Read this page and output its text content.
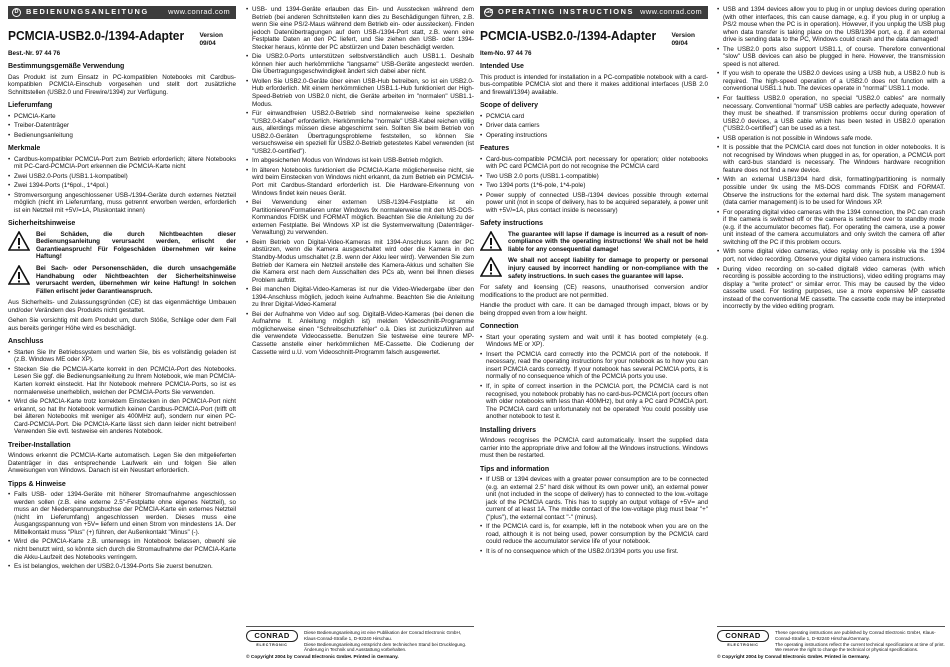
D	BEDIENUNGSANLEITUNG	www.conrad.com
PCMCIA-USB2.0-/1394-Adapter Version 09/04
Best.-Nr. 97 44 76
Bestimmungsgemäße Verwendung

Das Produkt ist zum Einsatz in PC-kompatiblen Notebooks mit Cardbus-kompatiblen PCMCIA-Einschub vorgesehen und stellt dort zusätzliche Schnittstellen (USB2.0 und Firewire/1394) zur Verfügung.

Lieferumfang
• PCMCIA-Karte
• Treiber-Datenträger
• Bedienungsanleitung
Merkmale
• Cardbus-kompatibler PCMCIA-Port zum Betrieb erforderlich; ältere Notebooks mit PC-Card-PCMCIA-Port erkennen die PCMCIA-Karte nicht
• Zwei USB2.0-Ports (USB1.1-kompatibel)
• Zwei 1394-Ports (1*6pol., 1*4pol.)
• Stromversorgung angeschlossener USB-/1394-Geräte durch externes Netzteil möglich (nicht im Lieferumfang, muss getrennt erworben werden, erforderlich ist ein Netzteil mit +5V/=1A, Pluskontakt innen)
Sicherheitshinweise
Bei Schäden, die durch Nichtbeachten dieser Bedienungsanleitung verursacht werden, erlischt der Garantieanspruch! Für Folgeschäden übernehmen wir keine Haftung!
Bei Sach- oder Personenschäden, die durch unsachgemäße Handhabung oder Nichtbeachten der Sicherheitshinweise verursacht werden, übernehmen wir keine Haftung! In solchen Fällen erlischt jeder Garantieanspruch.

Aus Sicherheits- und Zulassungsgründen (CE) ist das eigenmächtige Umbauen und/oder Verändern des Produkts nicht gestattet.

Gehen Sie vorsichtig mit dem Produkt um, durch Stöße, Schläge oder dem Fall aus bereits geringer Höhe wird es beschädigt.

Anschluss
• Starten Sie Ihr Betriebssystem und warten Sie, bis es vollständig geladen ist (z.B. Windows ME oder XP).
• Stecken Sie die PCMCIA-Karte korrekt in den PCMCIA-Port des Notebooks. Lesen Sie ggf. die Bedienungsanleitung zu Ihrem Notebook, wie man PCMCIA-Karten korrekt einsteckt. Hat Ihr Notebook mehrere PCMCIA-Ports, so ist es normalerweise unerheblich, welchen der PCMCIA-Ports Sie verwenden.
• Wird die PCMCIA-Karte trotz korrektem Einstecken in den PCMCIA-Port nicht erkannt, so hat Ihr Notebook vermutlich keinen Cardbus-PCMCIA-Port (trifft oft bei älteren Notebooks mit weniger als 400MHz auf), sondern nur einen PC-Card-PCMCIA-Port. Die PCMCIA-Karte lässt sich dann leider nicht betreiben! Verwenden Sie evtl. testweise ein anderes Notebook.
Treiber-Installation

Windows erkennt die PCMCIA-Karte automatisch. Legen Sie den mitgelieferten Datenträger in das entsprechende Laufwerk ein und folgen Sie allen Anweisungen von Windows. Danach ist ein Neustart erforderlich.

Tipps & Hinweise
• Falls USB- oder 1394-Geräte mit höherer Stromaufnahme angeschlossen werden sollen (z.B. eine externe 2.5"-Festplatte ohne eigenes Netzteil), so muss an der Niederspannungsbuchse der PCMCIA-Karte ein externes Netzteil (nicht im Lieferumfang) angeschlossen werden. Dieses muss eine Ausgangsspannung von +5V= liefern und einen Strom von mindestens 1A. Der Mittelkontakt muss "Plus" (+) führen, der Außenkontakt "Minus" (-).
• Wird die PCMCIA-Karte z.B. unterwegs im Notebook belassen, obwohl sie nicht benutzt wird, so könnte sich durch die Stromaufnahme der PCMCIA-Karte die Akku-Laufzeit des Notebooks verringern.
• Es ist belanglos, welchen der USB2.0-/1394-Ports Sie zuerst benutzen.
• USB- und 1394-Geräte erlauben das Ein- und Ausstecken während dem Betrieb (bei anderen Schnittstellen kann dies zu Beschädigungen führen, z.B. wenn Sie eine PS/2-Maus während dem Betrieb ein- oder ausstecken). Finden jedoch Datenübertragungen auf dem USB-/1394-Port statt, z.B. wenn eine Festplatte Daten an den PC liefert, und Sie ziehen den USB- oder 1394-Stecker heraus, könnte der PC abstürzen und Daten beschädigt werden.
• Die USB2.0-Ports unterstützen selbstverständlich auch USB1.1. Deshalb können hier auch herkömmliche "langsame" USB-Geräte angesteckt werden. Die Übertragungsgeschwindigkeit ändert sich dabei aber nicht.
• Wollen Sie USB2.0-Geräte über einen USB-Hub betreiben, so ist ein USB2.0-Hub erforderlich. Mit einem herkömmlichen USB1.1-Hub funktioniert der High-Speed-Betrieb von USB2.0 nicht, die Geräte arbeiten im "normalen" USB1.1-Modus.
• Für einwandfreien USB2.0-Betrieb sind normalerweise keine speziellen "USB2.0-Kabel" erforderlich. Herkömmliche "normale" USB-Kabel reichen völlig aus, allerdings müssen diese abgeschirmt sein. Sollten Sie beim Betrieb von USB2.0-Geräten Übertragungsprobleme feststellen, so können Sie versuchsweise ein speziell für USB2.0-Betrieb getestetes Kabel verwenden (ist "USB2.0-certified").
• Im abgesicherten Modus von Windows ist kein USB-Betrieb möglich.
• In älteren Notebooks funktioniert die PCMCIA-Karte möglicherweise nicht, sie wird beim Einstecken von Windows nicht erkannt, da zum Betrieb ein PCMCIA-Port mit Cardbus-Standard erforderlich ist. Die Hardware-Erkennung von Windows findet kein neues Gerät.
• Bei Verwendung einer externen USB-/1394-Festplatte ist ein Partitionieren/Formatieren unter Windows 9x normalerweise mit den MS-DOS-Kommandos FDISK und FORMAT möglich. Beachten Sie die Anleitung zu der externen Festplatte. Bei Windows XP ist die Systemverwaltung (Datenträger-Verwaltung) zu verwenden.
• Beim Betrieb von Digital-Video-Kameras mit 1394-Anschluss kann der PC abstürzen, wenn die Kamera ausgeschaltet wird oder die Kamera in den Standby-Modus umschaltet (z.B. wenn der Akku leer wird). Verwenden Sie zum Betrieb der Kamera ein Netzteil anstelle des Kamera-Akkus und schalten Sie die Kamera erst nach dem Ausschalten des PCs ab, wenn bei Ihnen dieses Problem auftritt.
• Bei manchen Digital-Video-Kameras ist nur die Video-Wiedergabe über den 1394-Anschluss möglich, jedoch keine Aufnahme. Beachten Sie die Anleitung zu Ihrer Digital-Video-Kamera!
• Bei der Aufnahme von Video auf sog. DigitalB-Video-Kameras (bei denen die Aufnahme lt. Anleitung möglich ist) melden Videoschnitt-Programme möglicherweise einen "Schreibschutzfehler" o.ä. Dies ist zurückzuführen auf die verwendete Videocassette. Benutzen Sie testweise eine teurere MP-Cassette anstelle einer herkömmlichen ME-Cassette. Die Codierung der Cassette wird u.U. vom Videoschnitt-Programm falsch ausgewertet.
CONRAD
ELECTRONIC
Diese Bedienungsanleitung ist eine Publikation der Conrad Electronic GmbH, Klaus-Conrad-Straße 1, D-92240 Hirschau.
Diese Bedienungsanleitung entspricht dem technischen Stand bei Drucklegung. Änderung in Technik und Ausstattung vorbehalten.
© Copyright 2004 by Conrad Electronic GmbH. Printed in Germany.
GB OPERATING INSTRUCTIONS www.conrad.com
PCMCIA-USB2.0-/1394-Adapter Version 09/04
Item-No. 97 44 76
Intended Use

This product is intended for installation in a PC-compatible notebook with a card-bus-compatible PCMCIA slot and there it makes additional interfaces (USB 2.0 and firewall/1394) available.

Scope of delivery
• PCMCIA card
• Driver data carriers
• Operating instructions
Features
• Card-bus-compatible PCMCIA port necessary for operation; older notebooks with PC card PCMCIA port do not recognise the PCMCIA card
• Two USB 2.0 ports (USB1.1-compatible)
• Two 1394 ports (1*6-pole, 1*4-pole)
• Power supply of connected USB-/1394 devices possible through external power unit (not in scope of delivery, has to be acquired separately, a power unit with +5V/=1A, plus contact inside is necessary)
Safety instructions
The guarantee will lapse if damage is incurred as a result of non-compliance with the operating instructions! We shall not be held liable for any consequential damage!
We shall not accept liability for damage to property or personal injury caused by incorrect handling or non-compliance with the safety instructions. In such cases the guarantee will lapse.

For safety and licensing (CE) reasons, unauthorised conversion and/or modifications to the product are not permitted.

Handle the product with care. It can be damaged through impact, blows or by being dropped even from a low height.

Connection
• Start your operating system and wait until it has booted completely (e.g. Windows ME or XP).
• Insert the PCMCIA card correctly into the PCMCIA port of the notebook. If necessary, read the operating instructions for your notebook as to how you can insert PCMCIA cards correctly. If your notebook has several PCMCIA ports, it is normally of no consequence which of the PCMCIA ports you use.
• If, in spite of correct insertion in the PCMCIA port, the PCMCIA card is not recognised, you notebook probably has no card-bus-PCMCIA port (occurs often with older notebooks with less than 400MHz), but only a PC card PCMCIA port. The PCMCIA card can unfortunately not be operated! You could possibly use another notebook to test it.
Installing drivers

Windows recognises the PCMCIA card automatically. Insert the supplied data carrier into the appropriate drive and follow all the Windows instructions. Windows must then be restarted.

Tips and information
• If USB or 1394 devices with a greater power consumption are to be connected (e.g. an external 2.5" hard disk without its own power unit), an external power unit (not included in the scope of delivery) has to connected to the low.-voltage jack of the PCMCIA cards. This has to supply an output voltage of +5V= and current of at least 1A. The middle contact of the low-voltage plug must bear "+" ("plus"), the external contact "-" (minus).
• If the PCMCIA card is, for example, left in the notebook when you are on the road, although it is not being used, power consumption by the PCMCIA card could reduce the accumulator service life of your notebook.
• It is of no consequence which of the USB2.0/1394 ports you use first.
• USB and 1394 devices allow you to plug in or unplug devices during operation (with other interfaces, this can cause damage, e.g. if you plug in or unplug a PS/2 mouse when the PC is in operation). However, if you unplug the USB plug when data transfer is taking place on the USB/1394 port, e.g. if an external drive is sending data to the PC, Windows could crash and the data damaged!
• The USB2.0 ports also support USB1.1, of course. Therefore conventional "slow" USB devices can also be plugged in here. However, the transmission speed is not altered.
• If you wish to operate the USB2.0 devices using a USB hub, a USB2.0 hub is required. The high-speed operation of a USB2.0 does not function with a conventional USB1.1 hub. The devices operate in "normal" USB1.1 mode.
• For faultless USB2.0 operation, no special "USB2.0 cables" are normally necessary. Conventional "normal" USB cables are perfectly adequate, however they must be sheathed. If transmission problems occur during operation of USB2.0 devices, a USB cable which has been tested in USB2.0 operation ("USB2.0-certified") can be used as a test.
• USB operation is not possible in Windows safe mode.
• It is possible that the PCMCIA card does not function in older notebooks. It is not recognised by Windows when plugged in as, for operation, a PCMCIA port with card-bus standard is necessary. The Windows hardware recognition feature does not find a new device.
• With an external USB/1394 hard disk, formatting/partitioning is normally possible under 9x using the MS-DOS commands FDISK and FORMAT. Observe the instructions for the external hard disk. The system management (data carrier management) is to be used for Windows XP.
• For operating digital video cameras with the 1394 connection, the PC can crash if the camera is switched off or the camera is switched over to standby mode (e.g. if the accumulator becomes flat). For operating the camera, use a power unit instead of the camera accumulators and only switch the camera off after switching off the PC if this problem occurs.
• With some digital video cameras, video replay only is possible via the 1394 port, not video recording. Observe your digital video camera instructions.
• During video recording on so-called digital8 video cameras (with which recording is possible according to the instructions), video editing programs may display a "write protect" or similar error. This may be caused by the video cassette used. For testing purposes, use a more expensive MP cassette instead of the conventional ME cassette. The cassette code may be interpreted incorrectly by the video editing program.
CONRAD
ELECTRONIC
These operating instructions are published by Conrad Electronic GmbH, Klaus-Conrad-Straße 1, D-92240 Hirschau/Germany.
The operating instructions reflect the current technical specifications at time of print. We reserve the right to change the technical or physical specifications.
© Copyright 2004 by Conrad Electronic GmbH. Printed in Germany.
